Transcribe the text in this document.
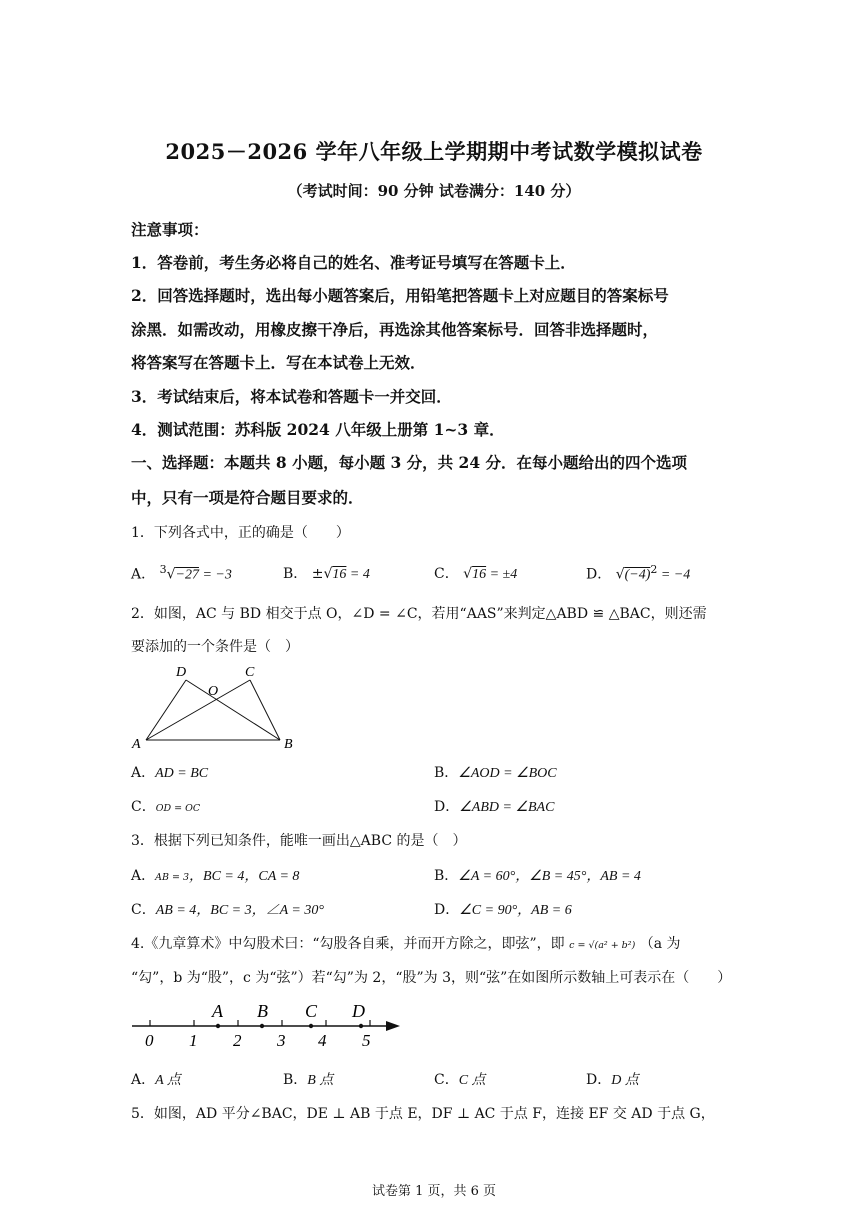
2025－2026 学年八年级上学期期中考试数学模拟试卷
（考试时间：90 分钟 试卷满分：140 分）
注意事项：
1．答卷前，考生务必将自己的姓名、准考证号填写在答题卡上．
2．回答选择题时，选出每小题答案后，用铅笔把答题卡上对应题目的答案标号
涂黑．如需改动，用橡皮擦干净后，再选涂其他答案标号．回答非选择题时，
将答案写在答题卡上．写在本试卷上无效．
3．考试结束后，将本试卷和答题卡一并交回．
4．测试范围：苏科版 2024 八年级上册第 1~3 章．
一、选择题：本题共 8 小题，每小题 3 分，共 24 分．在每小题给出的四个选项
中，只有一项是符合题目要求的．
1．下列各式中，正的确是（　　）
A． $^3$√−27 = −3	B． ±√16 = 4	C． √16 = ±4	D． $√(-4)^2 = -4$
2．如图，AC 与 BD 相交于点 O，∠D = ∠C，若用“AAS”来判定△ABD ≌ △BAC，则还需
要添加的一个条件是（　）
A	B
C
D
O
A．AD = BC	B．∠AOD = ∠BOC
C．OD = OC	D．∠ABD = ∠BAC
3．根据下列已知条件，能唯一画出△ABC 的是（　）
A．AB = 3，BC = 4，CA = 8	B．∠A = 60°，∠B = 45°，AB = 4
C．AB = 4，BC = 3，∠A = 30°	D．∠C = 90°，AB = 6
4.《九章算术》中勾股术曰：“勾股各自乘，并而开方除之，即弦”，即 c = √(a² + b²) （a 为
“勾”，b 为“股”，c 为“弦”）若“勾”为 2，“股”为 3，则“弦”在如图所示数轴上可表示在（　　）
0 1 2 3 4 5
A B C D
A．A 点	B．B 点	C．C 点	D．D 点
5．如图，AD 平分∠BAC，DE ⊥ AB 于点 E，DF ⊥ AC 于点 F，连接 EF 交 AD 于点 G，
试卷第 1 页，共 6 页
